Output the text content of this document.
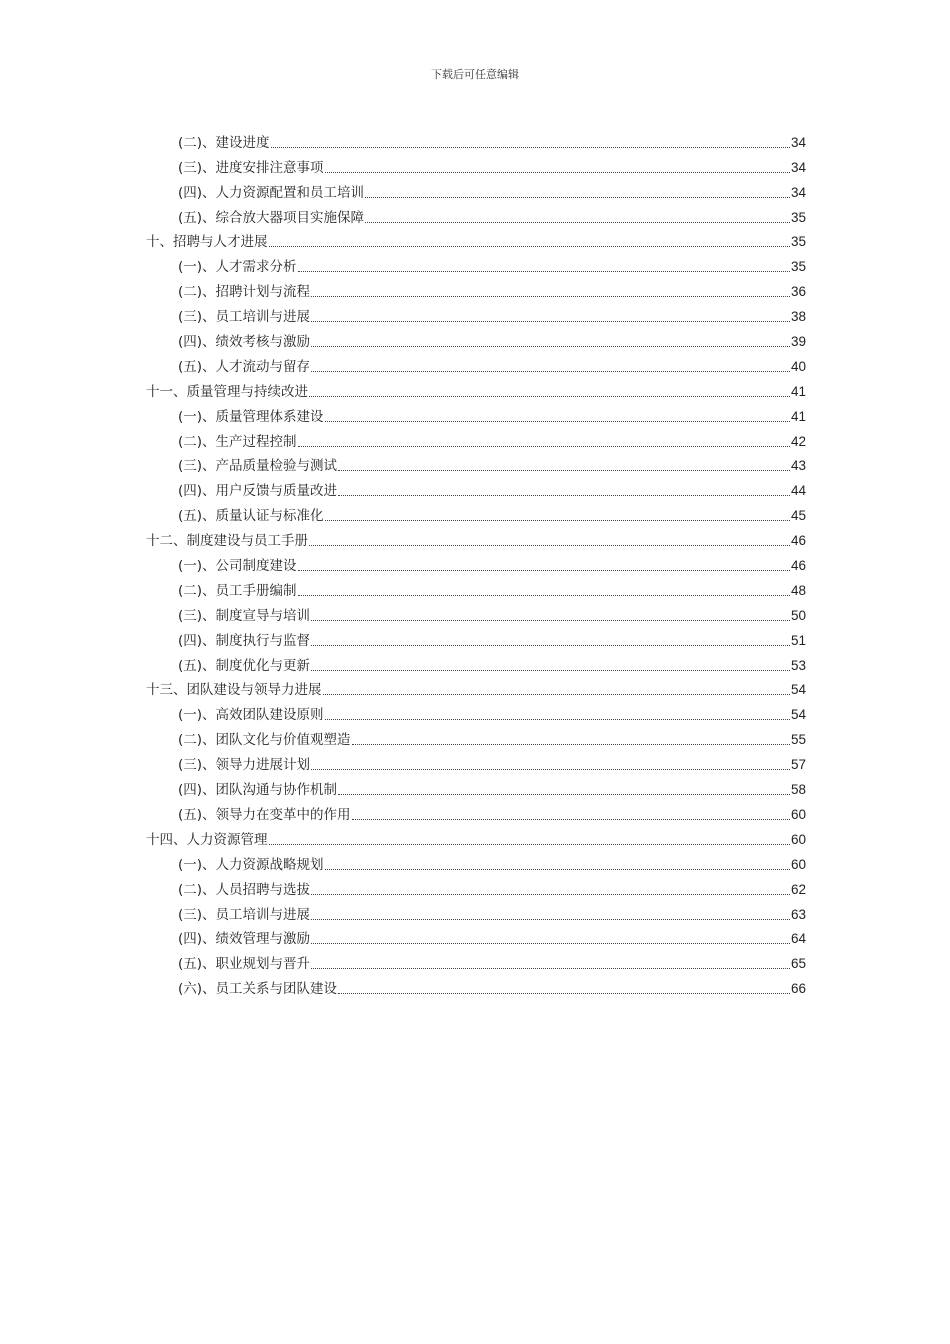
下载后可任意编辑
(二)、建设进度	34
(三)、进度安排注意事项	34
(四)、人力资源配置和员工培训	34
(五)、综合放大器项目实施保障	35
十、招聘与人才进展	35
(一)、人才需求分析	35
(二)、招聘计划与流程	36
(三)、员工培训与进展	38
(四)、绩效考核与激励	39
(五)、人才流动与留存	40
十一、质量管理与持续改进	41
(一)、质量管理体系建设	41
(二)、生产过程控制	42
(三)、产品质量检验与测试	43
(四)、用户反馈与质量改进	44
(五)、质量认证与标准化	45
十二、制度建设与员工手册	46
(一)、公司制度建设	46
(二)、员工手册编制	48
(三)、制度宣导与培训	50
(四)、制度执行与监督	51
(五)、制度优化与更新	53
十三、团队建设与领导力进展	54
(一)、高效团队建设原则	54
(二)、团队文化与价值观塑造	55
(三)、领导力进展计划	57
(四)、团队沟通与协作机制	58
(五)、领导力在变革中的作用	60
十四、人力资源管理	60
(一)、人力资源战略规划	60
(二)、人员招聘与选拔	62
(三)、员工培训与进展	63
(四)、绩效管理与激励	64
(五)、职业规划与晋升	65
(六)、员工关系与团队建设	66
